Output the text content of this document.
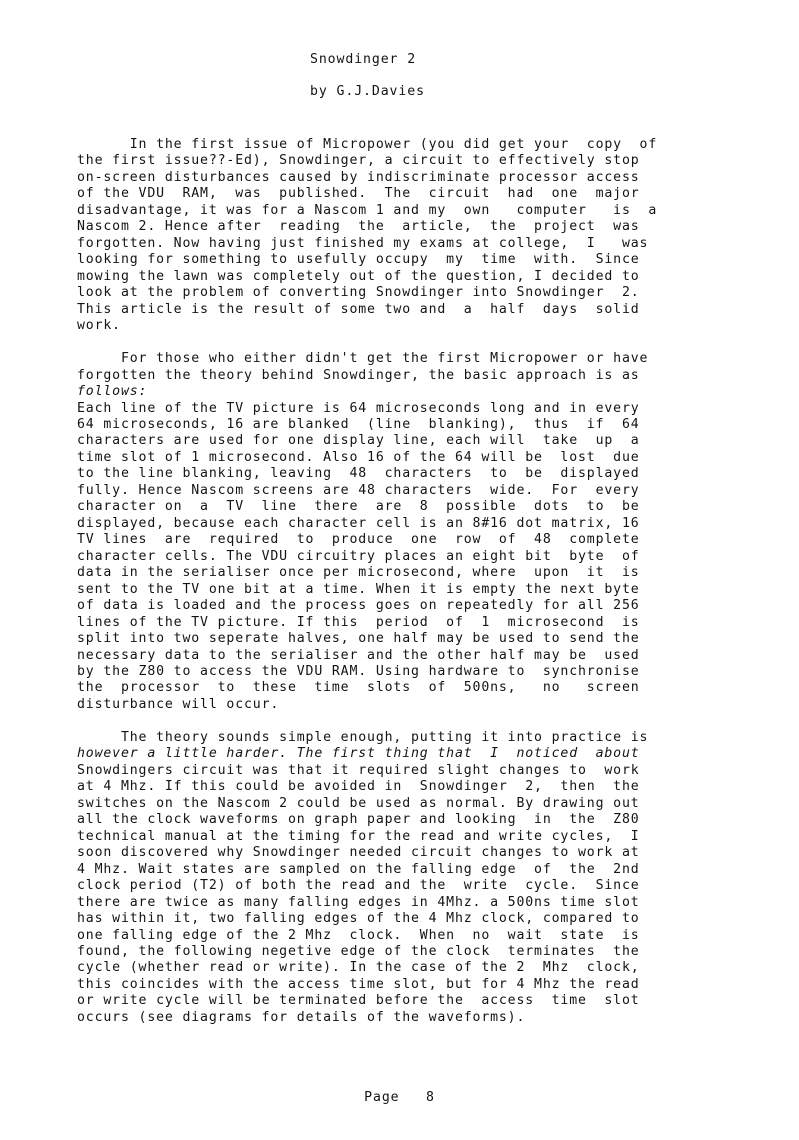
Snowdinger 2
by G.J.Davies
In the first issue of Micropower (you did get your  copy  of
the first issue??-Ed), Snowdinger, a circuit to effectively stop
on-screen disturbances caused by indiscriminate processor access
of the VDU  RAM,  was  published.  The  circuit  had  one  major
disadvantage, it was for a Nascom 1 and my  own   computer   is  a
Nascom 2. Hence after  reading  the  article,  the  project  was
forgotten. Now having just finished my exams at college,  I   was
looking for something to usefully occupy  my  time  with.  Since
mowing the lawn was completely out of the question, I decided to
look at the problem of converting Snowdinger into Snowdinger  2.
This article is the result of some two and  a  half  days  solid
work.
For those who either didn't get the first Micropower or have
forgotten the theory behind Snowdinger, the basic approach is as
follows:
Each line of the TV picture is 64 microseconds long and in every
64 microseconds, 16 are blanked  (line  blanking),  thus  if  64
characters are used for one display line, each will  take  up  a
time slot of 1 microsecond. Also 16 of the 64 will be  lost  due
to the line blanking, leaving  48  characters  to  be  displayed
fully. Hence Nascom screens are 48 characters  wide.  For  every
character on  a  TV  line  there  are  8  possible  dots  to  be
displayed, because each character cell is an 8#16 dot matrix, 16
TV lines  are  required  to  produce  one  row  of  48  complete
character cells. The VDU circuitry places an eight bit  byte  of
data in the serialiser once per microsecond, where  upon  it  is
sent to the TV one bit at a time. When it is empty the next byte
of data is loaded and the process goes on repeatedly for all 256
lines of the TV picture. If this  period  of  1  microsecond  is
split into two seperate halves, one half may be used to send the
necessary data to the serialiser and the other half may be  used
by the Z80 to access the VDU RAM. Using hardware to  synchronise
the  processor  to  these  time  slots  of  500ns,   no   screen
disturbance will occur.
The theory sounds simple enough, putting it into practice is
however a little harder. The first thing that  I  noticed  about
Snowdingers circuit was that it required slight changes to  work
at 4 Mhz. If this could be avoided in  Snowdinger  2,  then  the
switches on the Nascom 2 could be used as normal. By drawing out
all the clock waveforms on graph paper and looking  in  the  Z80
technical manual at the timing for the read and write cycles,  I
soon discovered why Snowdinger needed circuit changes to work at
4 Mhz. Wait states are sampled on the falling edge  of  the  2nd
clock period (T2) of both the read and the  write  cycle.  Since
there are twice as many falling edges in 4Mhz. a 500ns time slot
has within it, two falling edges of the 4 Mhz clock, compared to
one falling edge of the 2 Mhz  clock.  When  no  wait  state  is
found, the following negetive edge of the clock  terminates  the
cycle (whether read or write). In the case of the 2  Mhz  clock,
this coincides with the access time slot, but for 4 Mhz the read
or write cycle will be terminated before the  access  time  slot
occurs (see diagrams for details of the waveforms).
Page   8
